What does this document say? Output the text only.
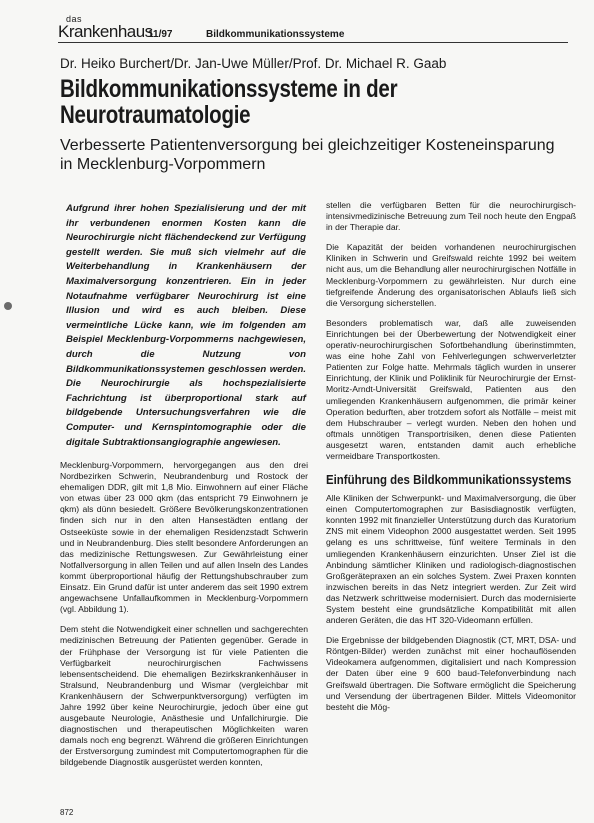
das
Krankenhaus
11/97	Bildkommunikationssysteme
Dr. Heiko Burchert/Dr. Jan-Uwe Müller/Prof. Dr. Michael R. Gaab
Bildkommunikationssysteme in der Neurotraumatologie
Verbesserte Patientenversorgung bei gleichzeitiger Kosteneinsparung in Mecklenburg-Vorpommern
Aufgrund ihrer hohen Spezialisierung und der mit ihr verbundenen enormen Kosten kann die Neurochirurgie nicht flächendeckend zur Verfügung gestellt werden. Sie muß sich vielmehr auf die Weiterbehandlung in Krankenhäusern der Maximalversorgung konzentrieren. Ein in jeder Notaufnahme verfügbarer Neurochirurg ist eine Illusion und wird es auch bleiben. Diese vermeintliche Lücke kann, wie im folgenden am Beispiel Mecklenburg-Vorpommerns nachgewiesen, durch die Nutzung von Bildkommunikationssystemen geschlossen werden. Die Neurochirurgie als hochspezialisierte Fachrichtung ist überproportional stark auf bildgebende Untersuchungsverfahren wie die Computer- und Kernspintomographie oder die digitale Subtraktionsangiographie angewiesen.

Mecklenburg-Vorpommern, hervorgegangen aus den drei Nordbezirken Schwerin, Neubrandenburg und Rostock der ehemaligen DDR, gilt mit 1,8 Mio. Einwohnern auf einer Fläche von etwas über 23 000 qkm (das entspricht 79 Einwohnern je qkm) als dünn besiedelt. Größere Bevölkerungskonzentrationen finden sich nur in den alten Hansestädten entlang der Ostseeküste sowie in der ehemaligen Residenzstadt Schwerin und in Neubrandenburg. Dies stellt besondere Anforderungen an das medizinische Rettungswesen. Zur Gewährleistung einer Notfallversorgung in allen Teilen und auf allen Inseln des Landes kommt überproportional häufig der Rettungshubschrauber zum Einsatz. Ein Grund dafür ist unter anderem das seit 1990 extrem angewachsene Unfallaufkommen in Mecklenburg-Vorpommern (vgl. Abbildung 1).

Dem steht die Notwendigkeit einer schnellen und sachgerechten medizinischen Betreuung der Patienten gegenüber. Gerade in der Frühphase der Versorgung ist für viele Patienten die Verfügbarkeit neurochirurgischen Fachwissens lebensentscheidend. Die ehemaligen Bezirkskrankenhäuser in Stralsund, Neubrandenburg und Wismar (vergleichbar mit Krankenhäusern der Schwerpunktversorgung) verfügten im Jahre 1992 über keine Neurochirurgie, jedoch über eine gut ausgebaute Neurologie, Anästhesie und Unfallchirurgie. Die diagnostischen und therapeutischen Möglichkeiten waren damals noch eng begrenzt. Während die größeren Einrichtungen der Erstversorgung zumindest mit Computertomographen für die bildgebende Diagnostik ausgerüstet werden konnten,

stellen die verfügbaren Betten für die neurochirurgisch-intensivmedizinische Betreuung zum Teil noch heute den Engpaß in der Therapie dar.

Die Kapazität der beiden vorhandenen neurochirurgischen Kliniken in Schwerin und Greifswald reichte 1992 bei weitem nicht aus, um die Behandlung aller neurochirurgischen Notfälle in Mecklenburg-Vorpommern zu gewährleisten. Nur durch eine tiefgreifende Änderung des organisatorischen Ablaufs ließ sich die Versorgung sicherstellen.

Besonders problematisch war, daß alle zuweisenden Einrichtungen bei der Überbewertung der Notwendigkeit einer operativ-neurochirurgischen Sofortbehandlung überinstimmten, was eine hohe Zahl von Fehlverlegungen schwerverletzter Patienten zur Folge hatte. Mehrmals täglich wurden in unserer Einrichtung, der Klinik und Poliklinik für Neurochirurgie der Ernst-Moritz-Arndt-Universität Greifswald, Patienten aus den umliegenden Krankenhäusern aufgenommen, die primär keiner Operation bedurften, aber trotzdem sofort als Notfälle – meist mit dem Hubschrauber – verlegt wurden. Neben den hohen und oftmals unnötigen Transportrisiken, denen diese Patienten ausgesetzt waren, entstanden damit auch erhebliche vermeidbare Transportkosten.

Einführung des Bildkommunikationssystems

Alle Kliniken der Schwerpunkt- und Maximalversorgung, die über einen Computertomographen zur Basisdiagnostik verfügten, konnten 1992 mit finanzieller Unterstützung durch das Kuratorium ZNS mit einem Videophon 2000 ausgestattet werden. Seit 1995 gelang es uns schrittweise, fünf weitere Terminals in den umliegenden Krankenhäusern einzurichten. Unser Ziel ist die Anbindung sämtlicher Kliniken und radiologisch-diagnostischen Großgerätepraxen an ein solches System. Zwei Praxen konnten inzwischen bereits in das Netz integriert werden. Zur Zeit wird das Netzwerk schrittweise modernisiert. Durch das modernisierte System besteht eine grundsätzliche Kompatibilität mit allen anderen Geräten, die das HT 320-Videomann erfüllen.

Die Ergebnisse der bildgebenden Diagnostik (CT, MRT, DSA- und Röntgen-Bilder) werden zunächst mit einer hochauflösenden Videokamera aufgenommen, digitalisiert und nach Kompression der Daten über eine 9 600 baud-Telefonverbindung nach Greifswald übertragen. Die Software ermöglicht die Speicherung und Versendung der übertragenen Bilder. Mittels Videomonitor besteht die Mög-

872
